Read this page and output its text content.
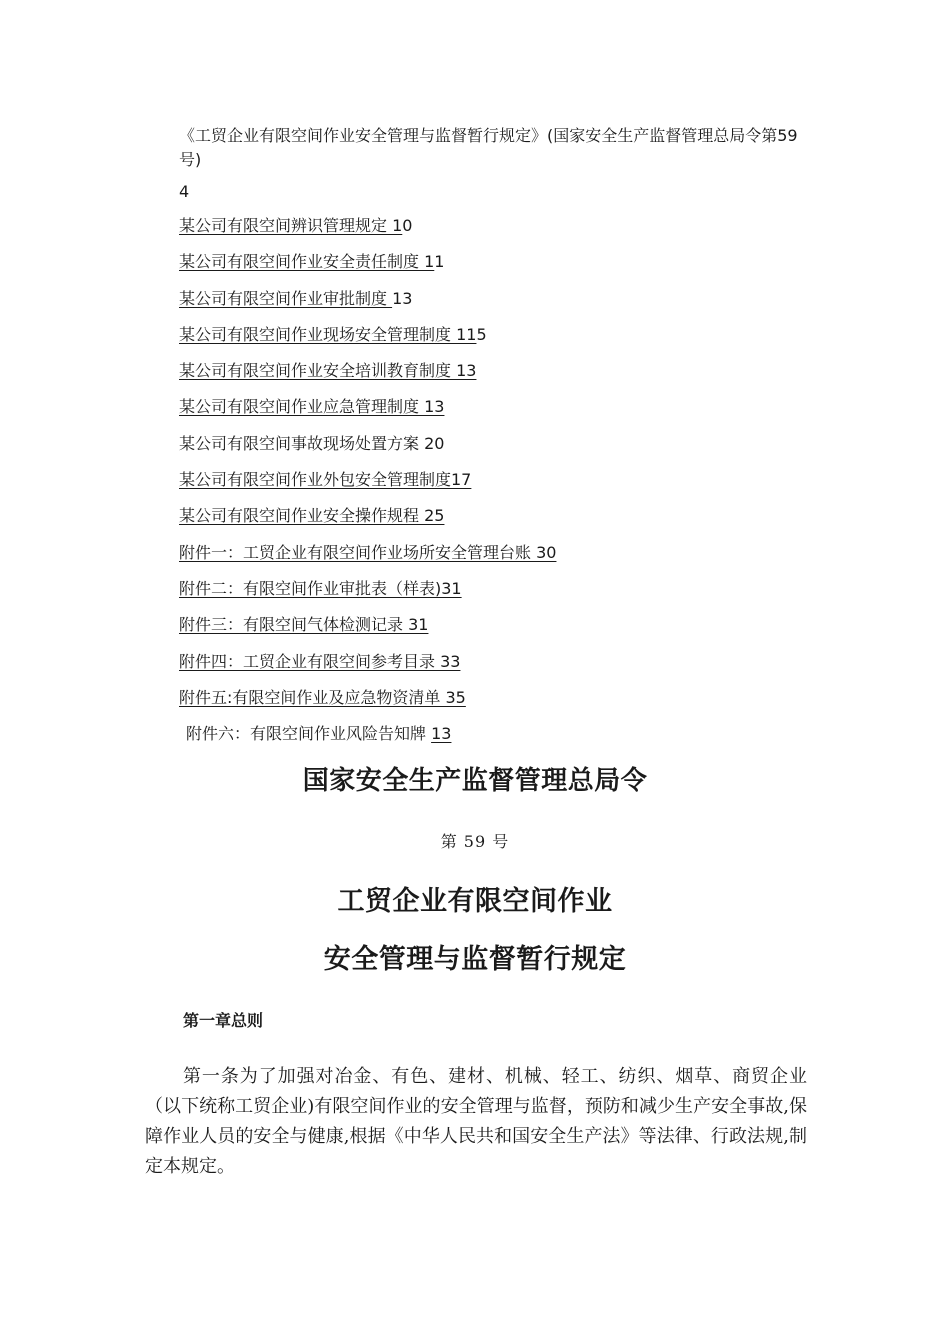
《工贸企业有限空间作业安全管理与监督暂行规定》(国家安全生产监督管理总局令第59号)

4
某公司有限空间辨识管理规定 10
某公司有限空间作业安全责任制度 11
某公司有限空间作业审批制度 13
某公司有限空间作业现场安全管理制度 115
某公司有限空间作业安全培训教育制度 13
某公司有限空间作业应急管理制度 13
某公司有限空间事故现场处置方案 20
某公司有限空间作业外包安全管理制度17
某公司有限空间作业安全操作规程 25
附件一：工贸企业有限空间作业场所安全管理台账 30
附件二：有限空间作业审批表（样表)31
附件三：有限空间气体检测记录 31
附件四：工贸企业有限空间参考目录 33
附件五:有限空间作业及应急物资清单 35
附件六：有限空间作业风险告知牌 13
国家安全生产监督管理总局令
第 59 号
工贸企业有限空间作业
安全管理与监督暂行规定
第一章总则

第一条为了加强对冶金、有色、建材、机械、轻工、纺织、烟草、商贸企业（以下统称工贸企业)有限空间作业的安全管理与监督，预防和减少生产安全事故,保障作业人员的安全与健康,根据《中华人民共和国安全生产法》等法律、行政法规,制定本规定。
